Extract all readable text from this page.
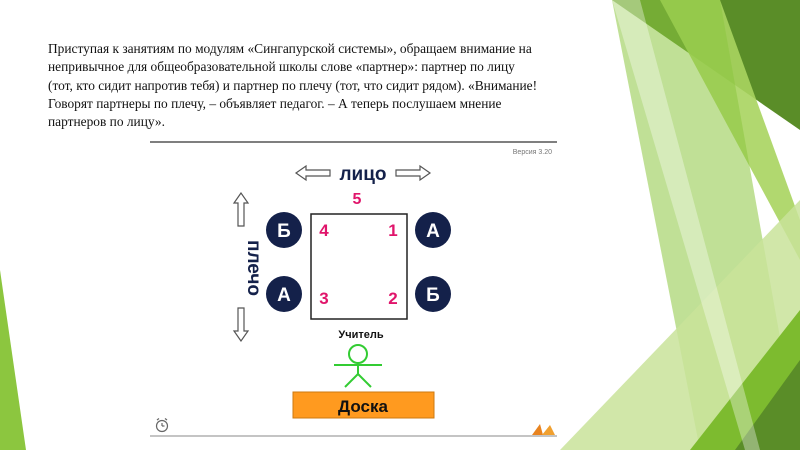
Приступая к занятиям по модулям «Сингапурской системы», обращаем внимание на
непривычное для общеобразовательной школы слове «партнер»: партнер по лицу
(тот, кто сидит напротив тебя) и партнер по плечу (тот, что сидит рядом). «Внимание!
Говорят партнеры по плечу, – объявляет педагог. – А теперь послушаем мнение
партнеров по лицу».

Версия 3.20
лицо
плечо
5
4	1
3	2
Б	А
А	Б
Учитель
Доска
